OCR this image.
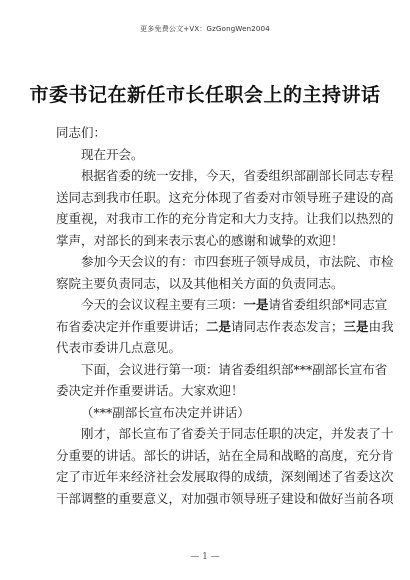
更多免费公文+VX：GzGongWen2004
市委书记在新任市长任职会上的主持讲话
同志们：
现在开会。
根据省委的统一安排，今天，省委组织部副部长同志专程
送同志到我市任职。这充分体现了省委对市领导班子建设的高
度重视，对我市工作的充分肯定和大力支持。让我们以热烈的
掌声，对部长的到来表示衷心的感谢和诚挚的欢迎！
参加今天会议的有：市四套班子领导成员，市法院、市检
察院主要负责同志，以及其他相关方面的负责同志。
今天的会议议程主要有三项：一是请省委组织部*同志宣
布省委决定并作重要讲话；二是请同志作表态发言；三是由我
代表市委讲几点意见。
下面，会议进行第一项：请省委组织部***副部长宣布省
委决定并作重要讲话。大家欢迎！
（***副部长宣布决定并讲话）
刚才，部长宣布了省委关于同志任职的决定，并发表了十
分重要的讲话。部长的讲话，站在全局和战略的高度，充分肯
定了市近年来经济社会发展取得的成绩，深刻阐述了省委这次
干部调整的重要意义，对加强市领导班子建设和做好当前各项
— 1 —
